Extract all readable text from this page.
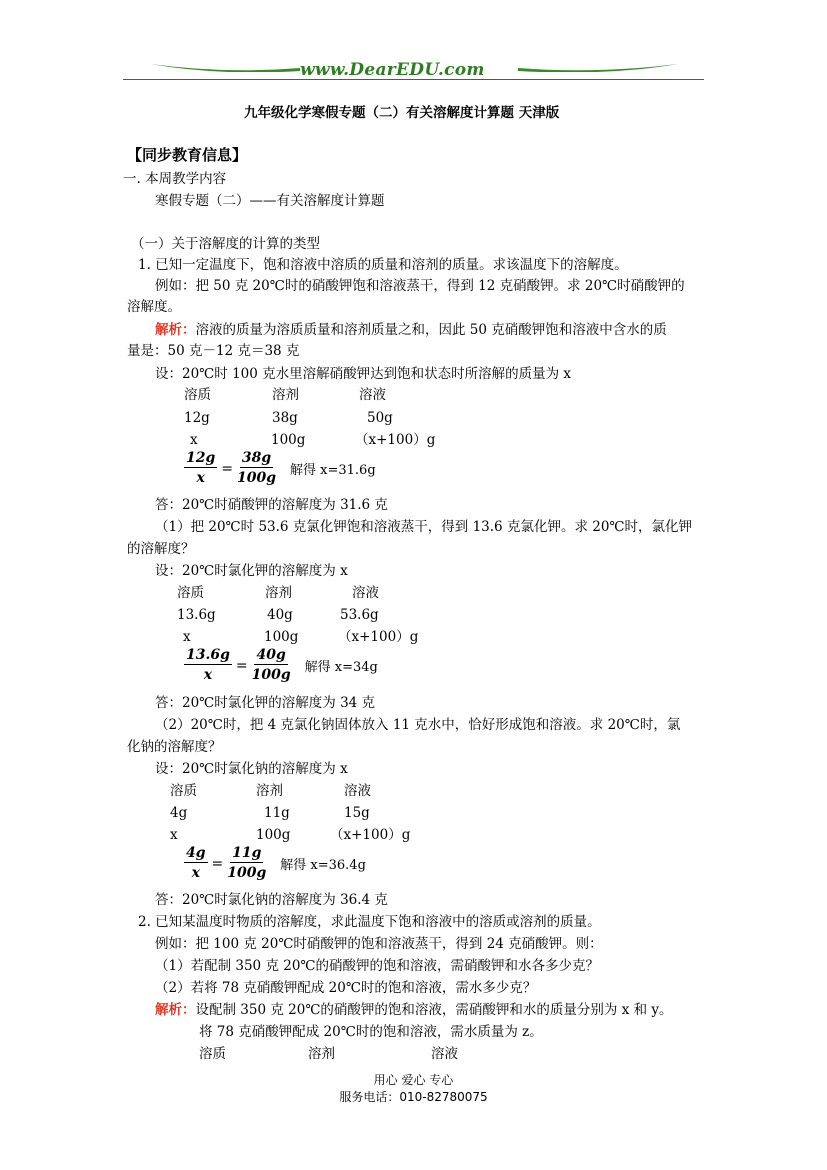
www.DearEDU.com
九年级化学寒假专题（二）有关溶解度计算题 天津版
【同步教育信息】
一. 本周教学内容
寒假专题（二）——有关溶解度计算题
（一）关于溶解度的计算的类型
1. 已知一定温度下，饱和溶液中溶质的质量和溶剂的质量。求该温度下的溶解度。
例如：把 50 克 20℃时的硝酸钾饱和溶液蒸干，得到 12 克硝酸钾。求 20℃时硝酸钾的
溶解度。
解析：溶液的质量为溶质质量和溶剂质量之和，因此 50 克硝酸钾饱和溶液中含水的质
量是：50 克－12 克＝38 克
设：20℃时 100 克水里溶解硝酸钾达到饱和状态时所溶解的质量为 x
溶质	溶剂	溶液
12g	38g	50g
x	100g	（x+100）g
$\frac{12g}{x} = \frac{38g}{100g}$ 解得 x=31.6g
答：20℃时硝酸钾的溶解度为 31.6 克
（1）把 20℃时 53.6 克氯化钾饱和溶液蒸干，得到 13.6 克氯化钾。求 20℃时，氯化钾
的溶解度？
设：20℃时氯化钾的溶解度为 x
溶质	溶剂	溶液
13.6g	40g	53.6g
x	100g	（x+100）g
$\frac{13.6g}{x} = \frac{40g}{100g}$ 解得 x=34g
答：20℃时氯化钾的溶解度为 34 克
（2）20℃时，把 4 克氯化钠固体放入 11 克水中，恰好形成饱和溶液。求 20℃时，氯
化钠的溶解度？
设：20℃时氯化钠的溶解度为 x
溶质	溶剂	溶液
4g	11g	15g
x	100g	（x+100）g
$\frac{4g}{x} = \frac{11g}{100g}$ 解得 x=36.4g
答：20℃时氯化钠的溶解度为 36.4 克
2. 已知某温度时物质的溶解度，求此温度下饱和溶液中的溶质或溶剂的质量。
例如：把 100 克 20℃时硝酸钾的饱和溶液蒸干，得到 24 克硝酸钾。则：
（1）若配制 350 克 20℃的硝酸钾的饱和溶液，需硝酸钾和水各多少克？
（2）若将 78 克硝酸钾配成 20℃时的饱和溶液，需水多少克？
解析：设配制 350 克 20℃的硝酸钾的饱和溶液，需硝酸钾和水的质量分别为 x 和 y。
将 78 克硝酸钾配成 20℃时的饱和溶液，需水质量为 z。
溶质	溶剂	溶液
用心 爱心 专心
服务电话：010-82780075
